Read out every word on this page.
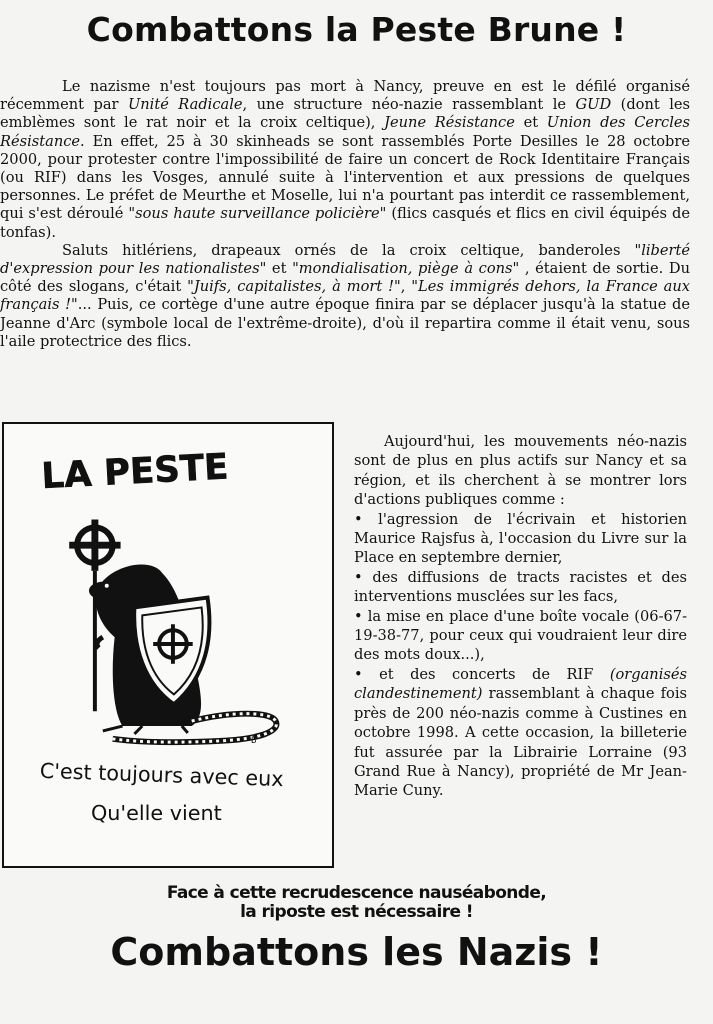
Combattons la Peste Brune !

Le nazisme n'est toujours pas mort à Nancy, preuve en est le défilé organisé récemment par Unité Radicale, une structure néo-nazie rassemblant le GUD (dont les emblèmes sont le rat noir et la croix celtique), Jeune Résistance et Union des Cercles Résistance. En effet, 25 à 30 skinheads se sont rassemblés Porte Desilles le 28 octobre 2000, pour protester contre l'impossibilité de faire un concert de Rock Identitaire Français (ou RIF) dans les Vosges, annulé suite à l'intervention et aux pressions de quelques personnes. Le préfet de Meurthe et Moselle, lui n'a pourtant pas interdit ce rassemblement, qui s'est déroulé "sous haute surveillance policière" (flics casqués et flics en civil équipés de tonfas).

Saluts hitlériens, drapeaux ornés de la croix celtique, banderoles "liberté d'expression pour les nationalistes" et "mondialisation, piège à cons" , étaient de sortie. Du côté des slogans, c'était "Juifs, capitalistes, à mort !", "Les immigrés dehors, la France aux français !"... Puis, ce cortège d'une autre époque finira par se déplacer jusqu'à la statue de Jeanne d'Arc (symbole local de l'extrême-droite), d'où il repartira comme il était venu, sous l'aile protectrice des flics.

LA PESTE
B
C'est toujours avec eux
Qu'elle vient

Aujourd'hui, les mouvements néo-nazis sont de plus en plus actifs sur Nancy et sa région, et ils cherchent à se montrer lors d'actions publiques comme :

• l'agression de l'écrivain et historien Maurice Rajsfus à, l'occasion du Livre sur la Place en septembre dernier,

• des diffusions de tracts racistes et des interventions musclées sur les facs,

• la mise en place d'une boîte vocale (06-67-19-38-77, pour ceux qui voudraient leur dire des mots doux...),

• et des concerts de RIF (organisés clandestinement) rassemblant à chaque fois près de 200 néo-nazis comme à Custines en octobre 1998. A cette occasion, la billeterie fut assurée par la Librairie Lorraine (93 Grand Rue à Nancy), propriété de Mr Jean-Marie Cuny.

Face à cette recrudescence nauséabonde,
la riposte est nécessaire !
Combattons les Nazis !
